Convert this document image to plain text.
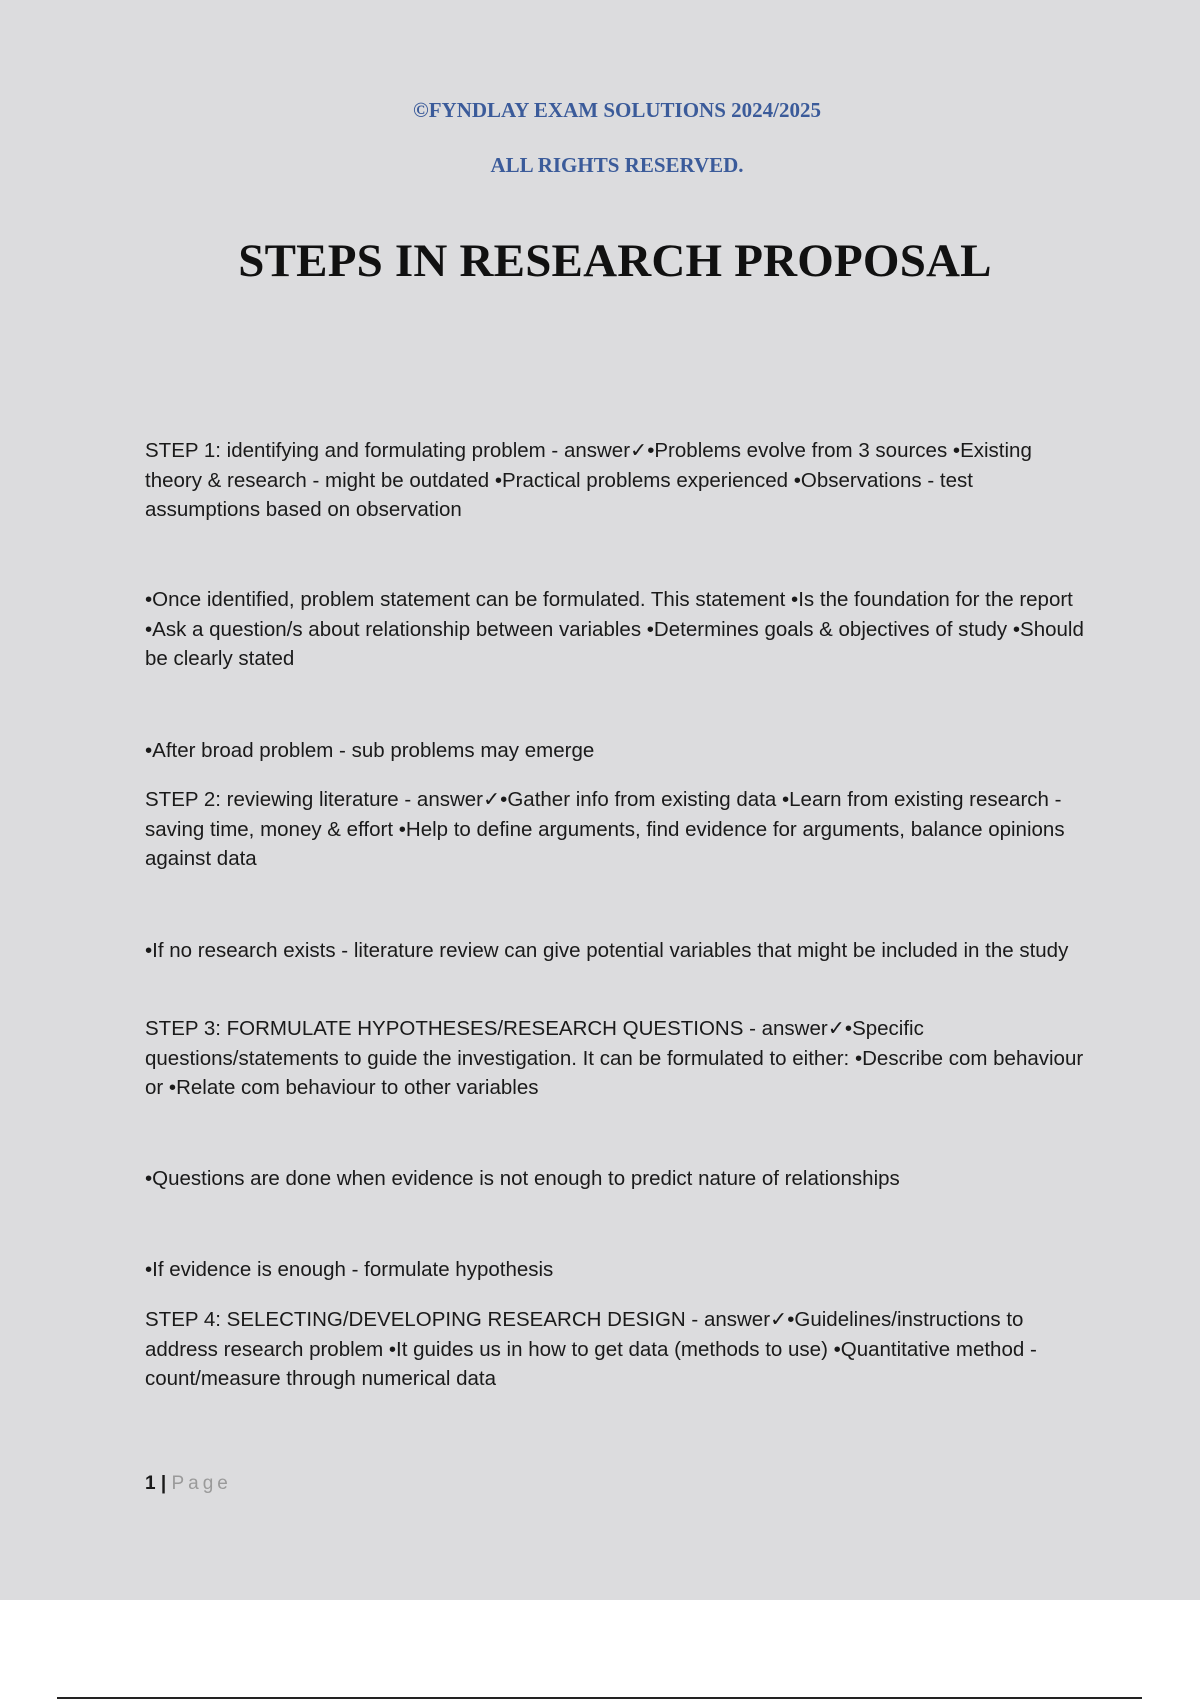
©FYNDLAY EXAM SOLUTIONS 2024/2025
ALL RIGHTS RESERVED.
STEPS IN RESEARCH PROPOSAL

STEP 1: identifying and formulating problem - answer✓•Problems evolve from 3 sources •Existing theory & research - might be outdated •Practical problems experienced •Observations - test assumptions based on observation

•Once identified, problem statement can be formulated. This statement •Is the foundation for the report •Ask a question/s about relationship between variables •Determines goals & objectives of study •Should be clearly stated

•After broad problem - sub problems may emerge

STEP 2: reviewing literature - answer✓•Gather info from existing data •Learn from existing research -saving time, money & effort •Help to define arguments, find evidence for arguments, balance opinions against data

•If no research exists - literature review can give potential variables that might be included in the study

STEP 3: FORMULATE HYPOTHESES/RESEARCH QUESTIONS - answer✓•Specific questions/statements to guide the investigation. It can be formulated to either: •Describe com behaviour or •Relate com behaviour to other variables

•Questions are done when evidence is not enough to predict nature of relationships

•If evidence is enough - formulate hypothesis

STEP 4: SELECTING/DEVELOPING RESEARCH DESIGN - answer✓•Guidelines/instructions to address research problem •It guides us in how to get data (methods to use) •Quantitative method -count/measure through numerical data

1 | Page
